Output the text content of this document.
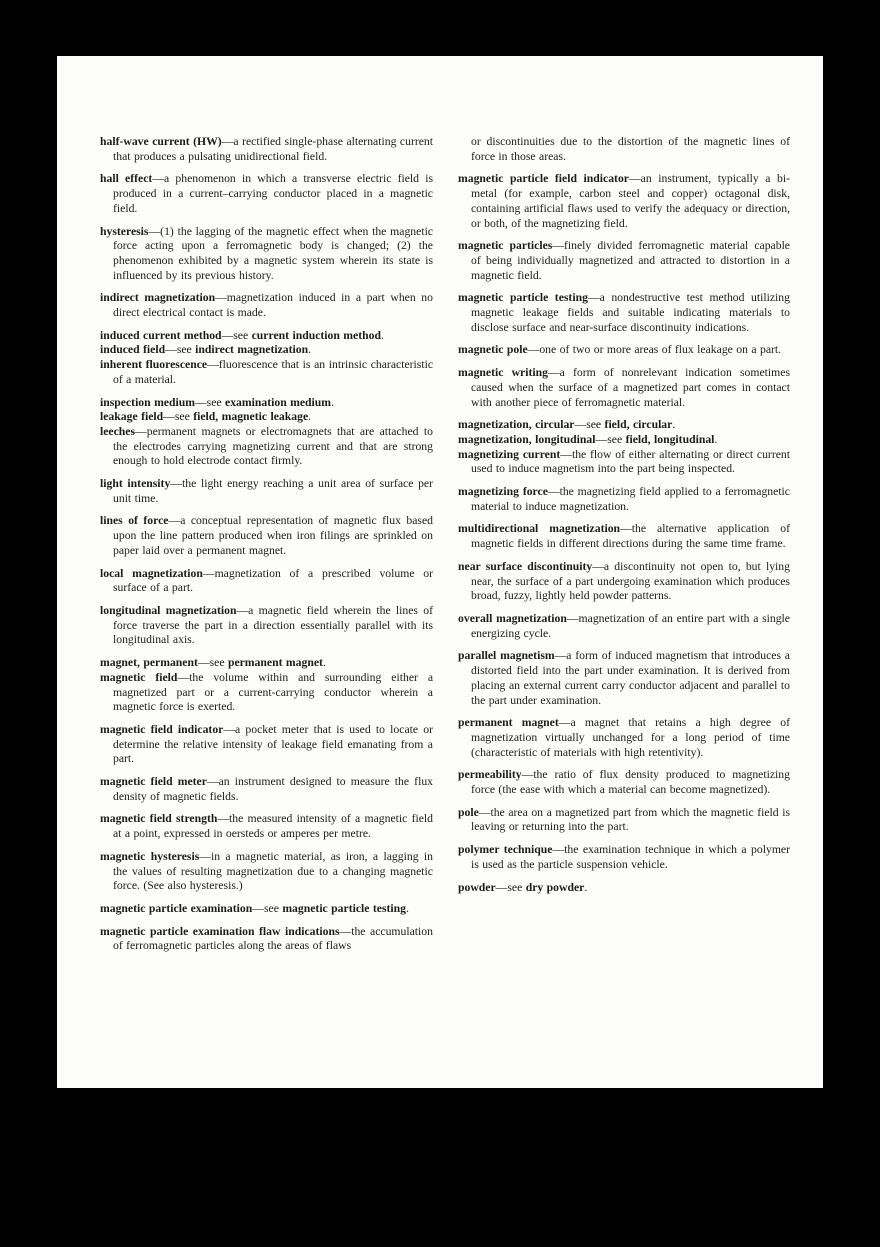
half-wave current (HW)—a rectified single-phase alternating current that produces a pulsating unidirectional field.

hall effect—a phenomenon in which a transverse electric field is produced in a current–carrying conductor placed in a magnetic field.

hysteresis—(1) the lagging of the magnetic effect when the magnetic force acting upon a ferromagnetic body is changed; (2) the phenomenon exhibited by a magnetic system wherein its state is influenced by its previous history.

indirect magnetization—magnetization induced in a part when no direct electrical contact is made.

induced current method—see current induction method.

induced field—see indirect magnetization.

inherent fluorescence—fluorescence that is an intrinsic characteristic of a material.

inspection medium—see examination medium.

leakage field—see field, magnetic leakage.

leeches—permanent magnets or electromagnets that are attached to the electrodes carrying magnetizing current and that are strong enough to hold electrode contact firmly.

light intensity—the light energy reaching a unit area of surface per unit time.

lines of force—a conceptual representation of magnetic flux based upon the line pattern produced when iron filings are sprinkled on paper laid over a permanent magnet.

local magnetization—magnetization of a prescribed volume or surface of a part.

longitudinal magnetization—a magnetic field wherein the lines of force traverse the part in a direction essentially parallel with its longitudinal axis.

magnet, permanent—see permanent magnet.

magnetic field—the volume within and surrounding either a magnetized part or a current-carrying conductor wherein a magnetic force is exerted.

magnetic field indicator—a pocket meter that is used to locate or determine the relative intensity of leakage field emanating from a part.

magnetic field meter—an instrument designed to measure the flux density of magnetic fields.

magnetic field strength—the measured intensity of a magnetic field at a point, expressed in oersteds or amperes per metre.

magnetic hysteresis—in a magnetic material, as iron, a lagging in the values of resulting magnetization due to a changing magnetic force. (See also hysteresis.)

magnetic particle examination—see magnetic particle testing.

magnetic particle examination flaw indications—the accumulation of ferromagnetic particles along the areas of flaws

or discontinuities due to the distortion of the magnetic lines of force in those areas.

magnetic particle field indicator—an instrument, typically a bi-metal (for example, carbon steel and copper) octagonal disk, containing artificial flaws used to verify the adequacy or direction, or both, of the magnetizing field.

magnetic particles—finely divided ferromagnetic material capable of being individually magnetized and attracted to distortion in a magnetic field.

magnetic particle testing—a nondestructive test method utilizing magnetic leakage fields and suitable indicating materials to disclose surface and near-surface discontinuity indications.

magnetic pole—one of two or more areas of flux leakage on a part.

magnetic writing—a form of nonrelevant indication sometimes caused when the surface of a magnetized part comes in contact with another piece of ferromagnetic material.

magnetization, circular—see field, circular.

magnetization, longitudinal—see field, longitudinal.

magnetizing current—the flow of either alternating or direct current used to induce magnetism into the part being inspected.

magnetizing force—the magnetizing field applied to a ferromagnetic material to induce magnetization.

multidirectional magnetization—the alternative application of magnetic fields in different directions during the same time frame.

near surface discontinuity—a discontinuity not open to, but lying near, the surface of a part undergoing examination which produces broad, fuzzy, lightly held powder patterns.

overall magnetization—magnetization of an entire part with a single energizing cycle.

parallel magnetism—a form of induced magnetism that introduces a distorted field into the part under examination. It is derived from placing an external current carry conductor adjacent and parallel to the part under examination.

permanent magnet—a magnet that retains a high degree of magnetization virtually unchanged for a long period of time (characteristic of materials with high retentivity).

permeability—the ratio of flux density produced to magnetizing force (the ease with which a material can become magnetized).

pole—the area on a magnetized part from which the magnetic field is leaving or returning into the part.

polymer technique—the examination technique in which a polymer is used as the particle suspension vehicle.

powder—see dry powder.
